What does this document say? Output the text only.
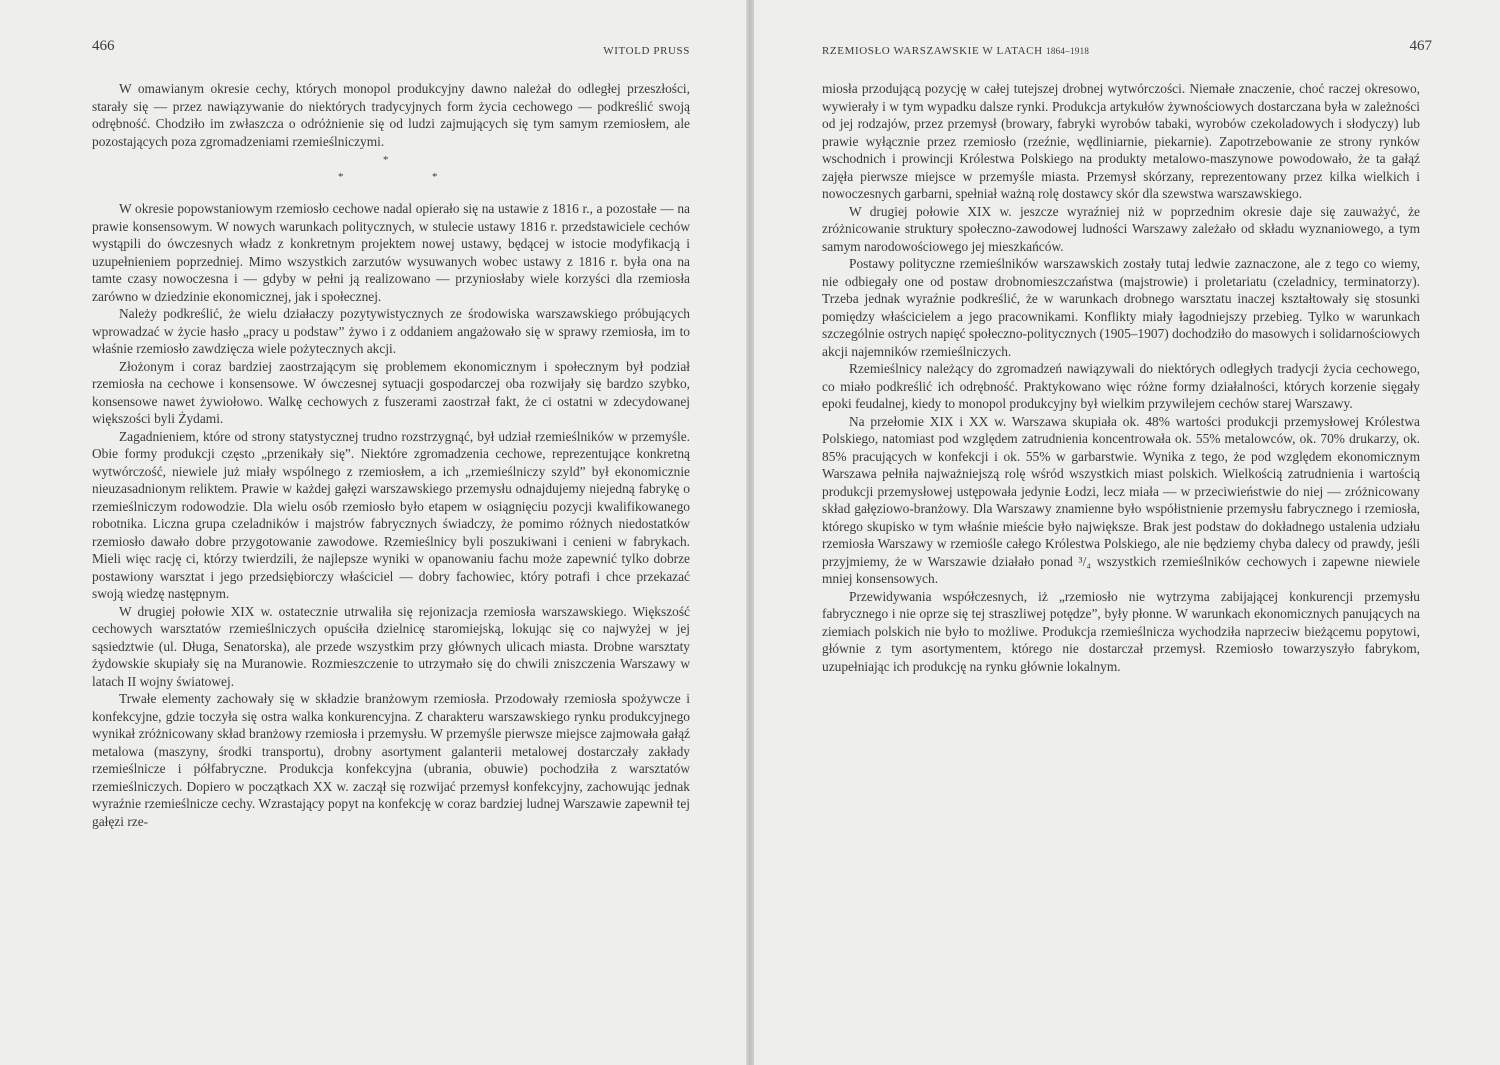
466	WITOLD PRUSS

W omawianym okresie cechy, których monopol produkcyjny dawno należał do odległej przeszłości, starały się — przez nawiązywanie do niektórych tradycyjnych form życia cechowego — podkreślić swoją odrębność. Chodziło im zwłaszcza o odróżnienie się od ludzi zajmujących się tym samym rzemiosłem, ale pozostających poza zgromadzeniami rzemieślniczymi.

*
*	*

W okresie popowstaniowym rzemiosło cechowe nadal opierało się na ustawie z 1816 r., a pozostałe — na prawie konsensowym. W nowych warunkach politycznych, w stulecie ustawy 1816 r. przedstawiciele cechów wystąpili do ówczesnych władz z konkretnym projektem nowej ustawy, będącej w istocie modyfikacją i uzupełnieniem poprzedniej. Mimo wszystkich zarzutów wysuwanych wobec ustawy z 1816 r. była ona na tamte czasy nowoczesna i — gdyby w pełni ją realizowano — przyniosłaby wiele korzyści dla rzemiosła zarówno w dziedzinie ekonomicznej, jak i społecznej.

Należy podkreślić, że wielu działaczy pozytywistycznych ze środowiska warszawskiego próbujących wprowadzać w życie hasło „pracy u podstaw” żywo i z oddaniem angażowało się w sprawy rzemiosła, im to właśnie rzemiosło zawdzięcza wiele pożytecznych akcji.

Złożonym i coraz bardziej zaostrzającym się problemem ekonomicznym i społecznym był podział rzemiosła na cechowe i konsensowe. W ówczesnej sytuacji gospodarczej oba rozwijały się bardzo szybko, konsensowe nawet żywiołowo. Walkę cechowych z fuszerami zaostrzał fakt, że ci ostatni w zdecydowanej większości byli Żydami.

Zagadnieniem, które od strony statystycznej trudno rozstrzygnąć, był udział rzemieślników w przemyśle. Obie formy produkcji często „przenikały się”. Niektóre zgromadzenia cechowe, reprezentujące konkretną wytwórczość, niewiele już miały wspólnego z rzemiosłem, a ich „rzemieślniczy szyld” był ekonomicznie nieuzasadnionym reliktem. Prawie w każdej gałęzi warszawskiego przemysłu odnajdujemy niejedną fabrykę o rzemieślniczym rodowodzie. Dla wielu osób rzemiosło było etapem w osiągnięciu pozycji kwalifikowanego robotnika. Liczna grupa czeladników i majstrów fabrycznych świadczy, że pomimo różnych niedostatków rzemiosło dawało dobre przygotowanie zawodowe. Rzemieślnicy byli poszukiwani i cenieni w fabrykach. Mieli więc rację ci, którzy twierdzili, że najlepsze wyniki w opanowaniu fachu może zapewnić tylko dobrze postawiony warsztat i jego przedsiębiorczy właściciel — dobry fachowiec, który potrafi i chce przekazać swoją wiedzę następnym.

W drugiej połowie XIX w. ostatecznie utrwaliła się rejonizacja rzemiosła warszawskiego. Większość cechowych warsztatów rzemieślniczych opuściła dzielnicę staromiejską, lokując się co najwyżej w jej sąsiedztwie (ul. Długa, Senatorska), ale przede wszystkim przy głównych ulicach miasta. Drobne warsztaty żydowskie skupiały się na Muranowie. Rozmieszczenie to utrzymało się do chwili zniszczenia Warszawy w latach II wojny światowej.

Trwałe elementy zachowały się w składzie branżowym rzemiosła. Przodowały rzemiosła spożywcze i konfekcyjne, gdzie toczyła się ostra walka konkurencyjna. Z charakteru warszawskiego rynku produkcyjnego wynikał zróżnicowany skład branżowy rzemiosła i przemysłu. W przemyśle pierwsze miejsce zajmowała gałąź metalowa (maszyny, środki transportu), drobny asortyment galanterii metalowej dostarczały zakłady rzemieślnicze i półfabryczne. Produkcja konfekcyjna (ubrania, obuwie) pochodziła z warsztatów rzemieślniczych. Dopiero w początkach XX w. zaczął się rozwijać przemysł konfekcyjny, zachowując jednak wyraźnie rzemieślnicze cechy. Wzrastający popyt na konfekcję w coraz bardziej ludnej Warszawie zapewnił tej gałęzi rze-

RZEMIOSŁO WARSZAWSKIE W LATACH 1864–1918	467

miosła przodującą pozycję w całej tutejszej drobnej wytwórczości. Niemałe znaczenie, choć raczej okresowo, wywierały i w tym wypadku dalsze rynki. Produkcja artykułów żywnościowych dostarczana była w zależności od jej rodzajów, przez przemysł (browary, fabryki wyrobów tabaki, wyrobów czekoladowych i słodyczy) lub prawie wyłącznie przez rzemiosło (rzeźnie, wędliniarnie, piekarnie). Zapotrzebowanie ze strony rynków wschodnich i prowincji Królestwa Polskiego na produkty metalowo-maszynowe powodowało, że ta gałąź zajęła pierwsze miejsce w przemyśle miasta. Przemysł skórzany, reprezentowany przez kilka wielkich i nowoczesnych garbarni, spełniał ważną rolę dostawcy skór dla szewstwa warszawskiego.

W drugiej połowie XIX w. jeszcze wyraźniej niż w poprzednim okresie daje się zauważyć, że zróżnicowanie struktury społeczno-zawodowej ludności Warszawy zależało od składu wyznaniowego, a tym samym narodowościowego jej mieszkańców.

Postawy polityczne rzemieślników warszawskich zostały tutaj ledwie zaznaczone, ale z tego co wiemy, nie odbiegały one od postaw drobnomieszczaństwa (majstrowie) i proletariatu (czeladnicy, terminatorzy). Trzeba jednak wyraźnie podkreślić, że w warunkach drobnego warsztatu inaczej kształtowały się stosunki pomiędzy właścicielem a jego pracownikami. Konflikty miały łagodniejszy przebieg. Tylko w warunkach szczególnie ostrych napięć społeczno-politycznych (1905–1907) dochodziło do masowych i solidarnościowych akcji najemników rzemieślniczych.

Rzemieślnicy należący do zgromadzeń nawiązywali do niektórych odległych tradycji życia cechowego, co miało podkreślić ich odrębność. Praktykowano więc różne formy działalności, których korzenie sięgały epoki feudalnej, kiedy to monopol produkcyjny był wielkim przywilejem cechów starej Warszawy.

Na przełomie XIX i XX w. Warszawa skupiała ok. 48% wartości produkcji przemysłowej Królestwa Polskiego, natomiast pod względem zatrudnienia koncentrowała ok. 55% metalowców, ok. 70% drukarzy, ok. 85% pracujących w konfekcji i ok. 55% w garbarstwie. Wynika z tego, że pod względem ekonomicznym Warszawa pełniła najważniejszą rolę wśród wszystkich miast polskich. Wielkością zatrudnienia i wartością produkcji przemysłowej ustępowała jedynie Łodzi, lecz miała — w przeciwieństwie do niej — zróżnicowany skład gałęziowo-branżowy. Dla Warszawy znamienne było współistnienie przemysłu fabrycznego i rzemiosła, którego skupisko w tym właśnie mieście było największe. Brak jest podstaw do dokładnego ustalenia udziału rzemiosła Warszawy w rzemiośle całego Królestwa Polskiego, ale nie będziemy chyba dalecy od prawdy, jeśli przyjmiemy, że w Warszawie działało ponad ³/₄ wszystkich rzemieślników cechowych i zapewne niewiele mniej konsensowych.

Przewidywania współczesnych, iż „rzemiosło nie wytrzyma zabijającej konkurencji przemysłu fabrycznego i nie oprze się tej straszliwej potędze”, były płonne. W warunkach ekonomicznych panujących na ziemiach polskich nie było to możliwe. Produkcja rzemieślnicza wychodziła naprzeciw bieżącemu popytowi, głównie z tym asortymentem, którego nie dostarczał przemysł. Rzemiosło towarzyszyło fabrykom, uzupełniając ich produkcję na rynku głównie lokalnym.
